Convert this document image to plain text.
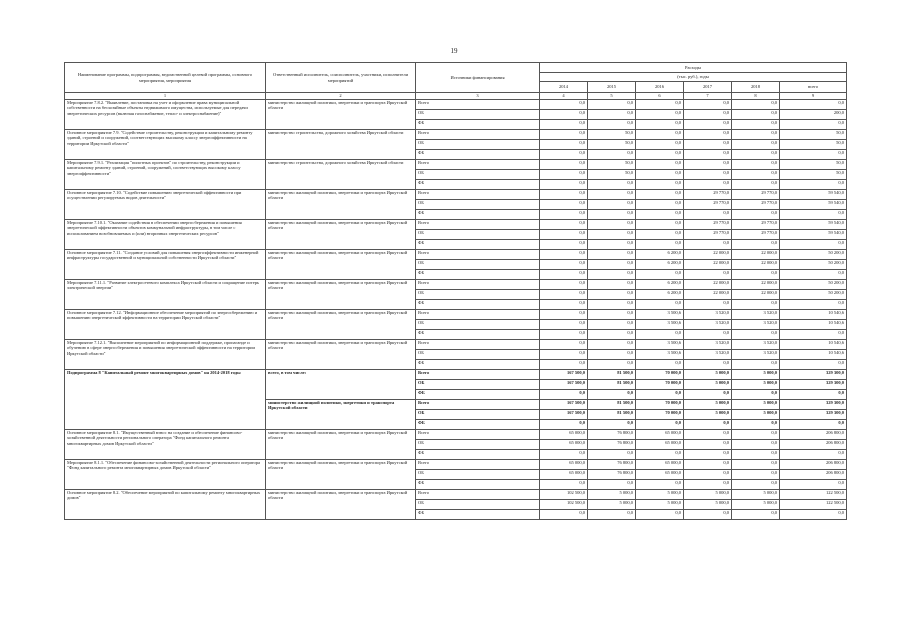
19
Наименование программы, подпрограммы, ведомственной целевой программы, основного мероприятия, мероприятия	Ответственный исполнитель, соисполнитель, участники, исполнители мероприятий	Источники финансирования	Расходы					
			(тыс. руб.), годы					
			2014	2015	2016	2017	2018	всего
1	2	3	4	5	6	7	8	9
Мероприятие 7.8.2. "Выявление, постановка на учет и оформление права муниципальной собственности на бесхозяйные объекты недвижимого имущества, используемые для передачи энергетических ресурсов (включая газоснабжение, тепло- и электроснабжение)"	министерство жилищной политики, энергетики и транспорта Иркутской области	Всего	0,0	0,0	0,0	0,0	0,0	0,0
		ОБ	0,0	0,0	0,0	0,0	0,0	200,0
		ФБ	0,0	0,0	0,0	0,0	0,0	0,0
Основное мероприятие 7.9. "Содействие строительству, реконструкции и капитальному ремонту зданий, строений и сооружений, соответствующих высокому классу энергоэффективности на территории Иркутской области"	министерство строительства, дорожного хозяйства Иркутской области	Всего	0,0	50,0	0,0	0,0	0,0	50,0
		ОБ	0,0	50,0	0,0	0,0	0,0	50,0
		ФБ	0,0	0,0	0,0	0,0	0,0	0,0
Мероприятие 7.9.1. "Реализация "пилотных проектов" по строительству, реконструкции и капитальному ремонту зданий, строений, сооружений, соответствующих высокому классу энергоэффективности"	министерство строительства, дорожного хозяйства Иркутской области	Всего	0,0	50,0	0,0	0,0	0,0	50,0
		ОБ	0,0	50,0	0,0	0,0	0,0	50,0
		ФБ	0,0	0,0	0,0	0,0	0,0	0,0
Основное мероприятие 7.10. "Содействие повышению энергетической эффективности при осуществлении регулируемых видов деятельности"	министерство жилищной политики, энергетики и транспорта Иркутской области	Всего	0,0	0,0	0,0	29 770,0	29 770,0	59 540,0
		ОБ	0,0	0,0	0,0	29 770,0	29 770,0	59 540,0
		ФБ	0,0	0,0	0,0	0,0	0,0	0,0
Мероприятие 7.10.1. "Оказание содействия в обеспечении энергосбережения и повышения энергетической эффективности объектов коммунальной инфраструктуры, в том числе с использованием возобновляемых и (или) вторичных энергетических ресурсов"	министерство жилищной политики, энергетики и транспорта Иркутской области	Всего	0,0	0,0	0,0	29 770,0	29 770,0	59 540,0
		ОБ	0,0	0,0	0,0	29 770,0	29 770,0	59 540,0
		ФБ	0,0	0,0	0,0	0,0	0,0	0,0
Основное мероприятие 7.11. "Создание условий для повышения энергоэффективности инженерной инфраструктуры государственной и муниципальной собственности Иркутской области"	министерство жилищной политики, энергетики и транспорта Иркутской области	Всего	0,0	0,0	6 200,0	22 000,0	22 000,0	50 200,0
		ОБ	0,0	0,0	6 200,0	22 000,0	22 000,0	50 200,0
		ФБ	0,0	0,0	0,0	0,0	0,0	0,0
Мероприятие 7.11.1. "Развитие электросетевого комплекса Иркутской области и сокращение потерь электрической энергии"	министерство жилищной политики, энергетики и транспорта Иркутской области	Всего	0,0	0,0	6 200,0	22 000,0	22 000,0	50 200,0
		ОБ	0,0	0,0	6 200,0	22 000,0	22 000,0	50 200,0
		ФБ	0,0	0,0	0,0	0,0	0,0	0,0
Основное мероприятие 7.12. "Информационное обеспечение мероприятий по энергосбережению и повышению энергетической эффективности на территории Иркутской области"	министерство жилищной политики, энергетики и транспорта Иркутской области	Всего	0,0	0,0	3 500,6	3 520,0	3 520,0	10 540,6
		ОБ	0,0	0,0	3 500,6	3 520,0	3 520,0	10 540,6
		ФБ	0,0	0,0	0,0	0,0	0,0	0,0
Мероприятие 7.12.1. "Выполнение мероприятий по информационной поддержке, пропаганде и обучению в сфере энергосбережения и повышения энергетической эффективности на территории Иркутской области"	министерство жилищной политики, энергетики и транспорта Иркутской области	Всего	0,0	0,0	3 500,6	3 520,0	3 520,0	10 540,6
		ОБ	0,0	0,0	3 500,6	3 520,0	3 520,0	10 540,6
		ФБ	0,0	0,0	0,0	0,0	0,0	0,0
Подпрограмма 8 "Капитальный ремонт многоквартирных домов" на 2014-2018 годы	всего, в том числе:	Всего	167 500,0	81 500,0	70 000,0	5 000,0	5 000,0	329 300,0
		ОБ	167 500,0	81 500,0	70 000,0	5 000,0	5 000,0	329 300,0
		ФБ	0,0	0,0	0,0	0,0	0,0	0,0
	министерство жилищной политики, энергетики и транспорта Иркутской области	Всего	167 500,0	81 500,0	70 000,0	5 000,0	5 000,0	329 300,0
		ОБ	167 500,0	81 500,0	70 000,0	5 000,0	5 000,0	329 300,0
		ФБ	0,0	0,0	0,0	0,0	0,0	0,0
Основное мероприятие 8.1. "Имущественный взнос на создание и обеспечение финансово-хозяйственной деятельности регионального оператора "Фонд капитального ремонта многоквартирных домов Иркутской области"	министерство жилищной политики, энергетики и транспорта Иркутской области	Всего	65 000,0	76 800,0	65 000,0	0,0	0,0	206 800,0
		ОБ	65 000,0	76 800,0	65 000,0	0,0	0,0	206 800,0
		ФБ	0,0	0,0	0,0	0,0	0,0	0,0
Мероприятие 8.1.1. "Обеспечение финансово-хозяйственной деятельности регионального оператора "Фонд капитального ремонта многоквартирных домов Иркутской области"	министерство жилищной политики, энергетики и транспорта Иркутской области	Всего	65 000,0	76 800,0	65 000,0	0,0	0,0	206 800,0
		ОБ	65 000,0	76 800,0	65 000,0	0,0	0,0	206 800,0
		ФБ	0,0	0,0	0,0	0,0	0,0	0,0
Основное мероприятие 8.2. "Обеспечение мероприятий по капитальному ремонту многоквартирных домов"	министерство жилищной политики, энергетики и транспорта Иркутской области	Всего	102 500,0	5 000,0	5 000,0	5 000,0	5 000,0	122 500,0
		ОБ	102 500,0	5 000,0	5 000,0	5 000,0	5 000,0	122 500,0
		ФБ	0,0	0,0	0,0	0,0	0,0	0,0
